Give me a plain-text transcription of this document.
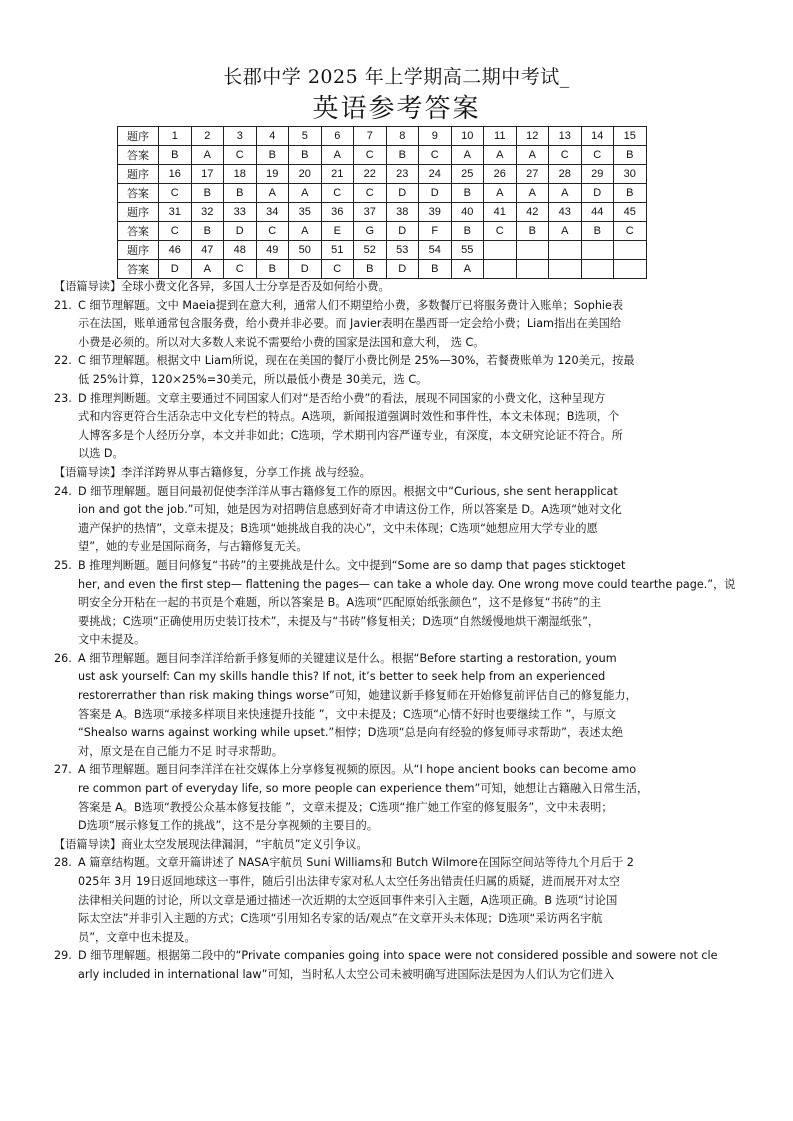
长郡中学 2025 年上学期高二期中考试_
英语参考答案
题序	1	2	3	4	5	6	7	8	9	10	11	12	13	14	15
答案	B	A	C	B	B	A	C	B	C	A	A	A	C	C	B
题序	16	17	18	19	20	21	22	23	24	25	26	27	28	29	30
答案	C	B	B	A	A	C	C	D	D	B	A	A	A	D	B
题序	31	32	33	34	35	36	37	38	39	40	41	42	43	44	45
答案	C	B	D	C	A	E	G	D	F	B	C	B	A	B	C
题序	46	47	48	49	50	51	52	53	54	55					
答案	D	A	C	B	D	C	B	D	B	A					

【语篇导读】全球小费文化各异，多国人士分享是否及如何给小费。

21. C 细节理解题。文中 Maeia提到在意大利，通常人们不期望给小费，多数餐厅已将服务费计入账单；Sophie表
示在法国，账单通常包含服务费，给小费并非必要。而 Javier表明在墨西哥一定会给小费；Liam指出在美国给
小费是必须的。所以对大多数人来说不需要给小费的国家是法国和意大利， 选 C。
22. C 细节理解题。根据文中 Liam所说，现在在美国的餐厅小费比例是 25%—30%，若餐费账单为 120美元，按最
低 25%计算，120×25%=30美元，所以最低小费是 30美元，选 C。
23. D 推理判断题。文章主要通过不同国家人们对“是否给小费”的看法，展现不同国家的小费文化，这种呈现方
式和内容更符合生活杂志中文化专栏的特点。A选项，新闻报道强调时效性和事件性，本文未体现；B选项，个
人博客多是个人经历分享，本文并非如此；C选项，学术期刊内容严谨专业，有深度，本文研究论证不符合。所
以选 D。

【语篇导读】李洋洋跨界从事古籍修复，分享工作挑 战与经验。

24. D 细节理解题。题目问最初促使李洋洋从事古籍修复工作的原因。根据文中“Curious, she sent herapplicat
ion and got the job.”可知，她是因为对招聘信息感到好奇才申请这份工作，所以答案是 D。A选项“她对文化
遗产保护的热情”，文章未提及；B选项“她挑战自我的决心”，文中未体现；C选项“她想应用大学专业的愿
望”，她的专业是国际商务，与古籍修复无关。
25. B 推理判断题。题目问修复“书砖”的主要挑战是什么。文中提到“Some are so damp that pages sticktoget
her, and even the first step— flattening the pages— can take a whole day. One wrong move could tearthe page.”，说
明安全分开粘在一起的书页是个难题，所以答案是 B。A选项“匹配原始纸张颜色”，这不是修复“书砖”的主
要挑战；C选项“正确使用历史装订技术”，未提及与“书砖”修复相关；D选项“自然缓慢地烘干潮湿纸张”，
文中未提及。
26. A 细节理解题。题目问李洋洋给新手修复师的关键建议是什么。根据“Before starting a restoration, youm
ust ask yourself: Can my skills handle this? If not, it’s better to seek help from an experienced
restorerrather than risk making things worse”可知，她建议新手修复师在开始修复前评估自己的修复能力，
答案是 A。B选项“承接多样项目来快速提升技能 ”，文中未提及；C选项“心情不好时也要继续工作 ”，与原文
“Shealso warns against working while upset.”相悖；D选项“总是向有经验的修复师寻求帮助”，表述太绝
对，原文是在自己能力不足 时寻求帮助。
27. A 细节理解题。题目问李洋洋在社交媒体上分享修复视频的原因。从“I hope ancient books can become amo
re common part of everyday life, so more people can experience them”可知，她想让古籍融入日常生活，
答案是 A。B选项“教授公众基本修复技能 ”，文章未提及；C选项“推广她工作室的修复服务”，文中未表明；
D选项“展示修复工作的挑战”，这不是分享视频的主要目的。

【语篇导读】商业太空发展现法律漏洞，“宇航员”定义引争议。

28. A 篇章结构题。文章开篇讲述了 NASA宇航员 Suni Williams和 Butch Wilmore在国际空间站等待九个月后于 2
025年 3月 19日返回地球这一事件，随后引出法律专家对私人太空任务出错责任归属的质疑，进而展开对太空
法律相关问题的讨论，所以文章是通过描述一次近期的太空返回事件来引入主题，A选项正确。B 选项“讨论国
际太空法”并非引入主题的方式；C选项“引用知名专家的话/观点”在文章开头未体现；D选项“采访两名宇航
员”，文章中也未提及。
29. D 细节理解题。根据第二段中的“Private companies going into space were not considered possible and sowere not cle
arly included in international law”可知，当时私人太空公司未被明确写进国际法是因为人们认为它们进入
